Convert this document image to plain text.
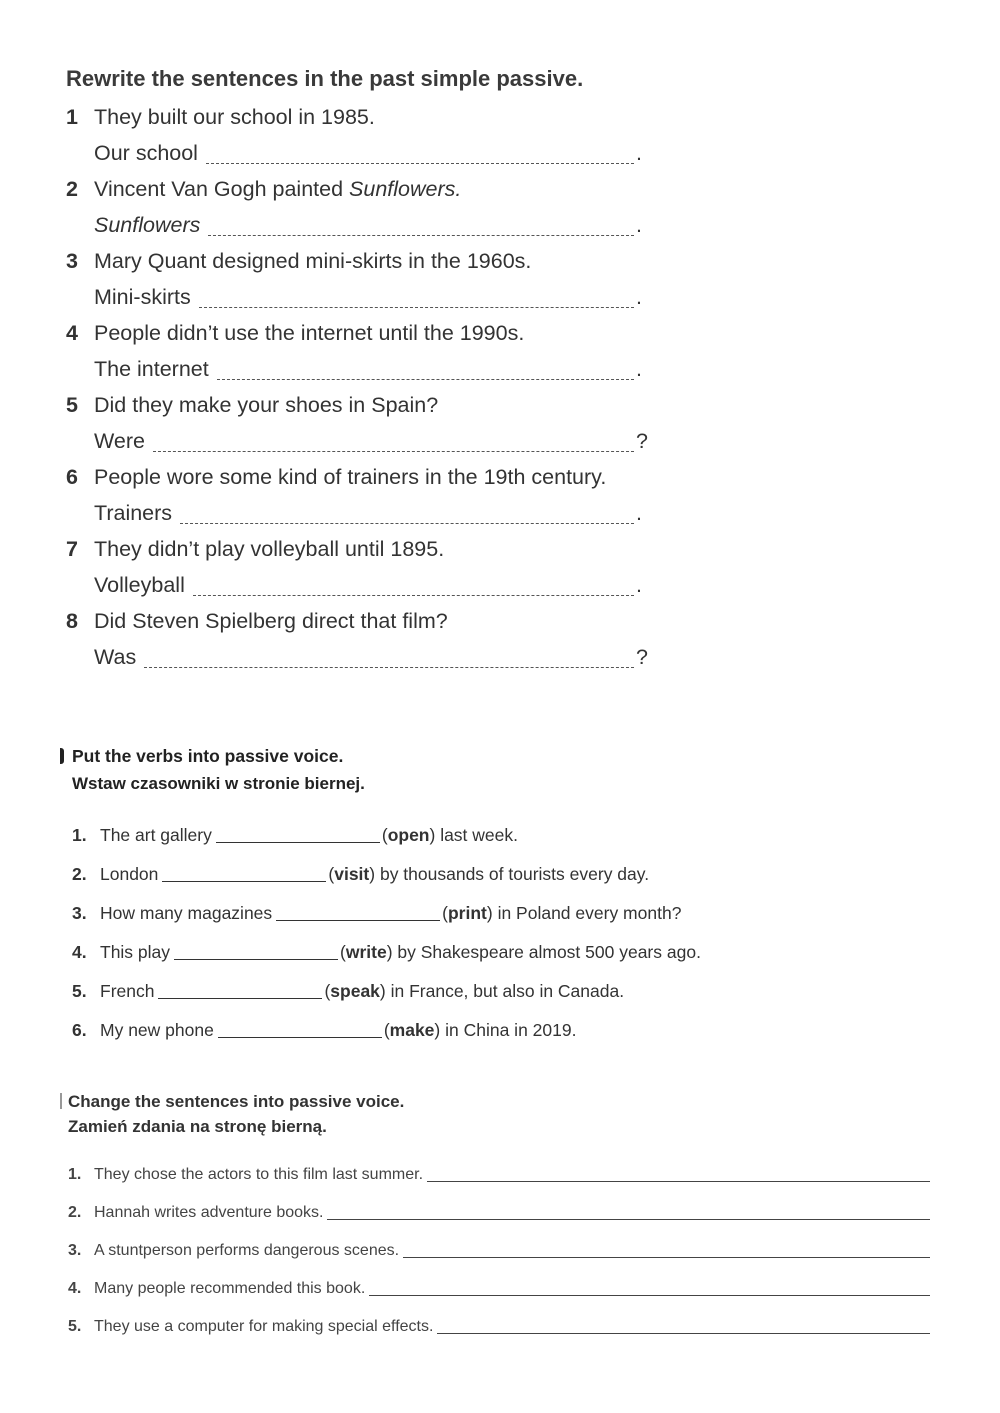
Rewrite the sentences in the past simple passive.
1 They built our school in 1985.
Our school	.
2 Vincent Van Gogh painted Sunflowers.
Sunflowers	.
3 Mary Quant designed mini-skirts in the 1960s.
Mini-skirts	.
4 People didn’t use the internet until the 1990s.
The internet	.
5 Did they make your shoes in Spain?
Were	?
6 People wore some kind of trainers in the 19th century.
Trainers	.
7 They didn’t play volleyball until 1895.
Volleyball	.
8 Did Steven Spielberg direct that film?
Was	?
Put the verbs into passive voice.
Wstaw czasowniki w stronie biernej.
1. The art gallery	(open) last week.
2. London	(visit) by thousands of tourists every day.
3. How many magazines	(print) in Poland every month?
4. This play	(write) by Shakespeare almost 500 years ago.
5. French	(speak) in France, but also in Canada.
6. My new phone	(make) in China in 2019.
Change the sentences into passive voice.
Zamień zdania na stronę bierną.
1. They chose the actors to this film last summer.
2. Hannah writes adventure books.
3. A stuntperson performs dangerous scenes.
4. Many people recommended this book.
5. They use a computer for making special effects.
